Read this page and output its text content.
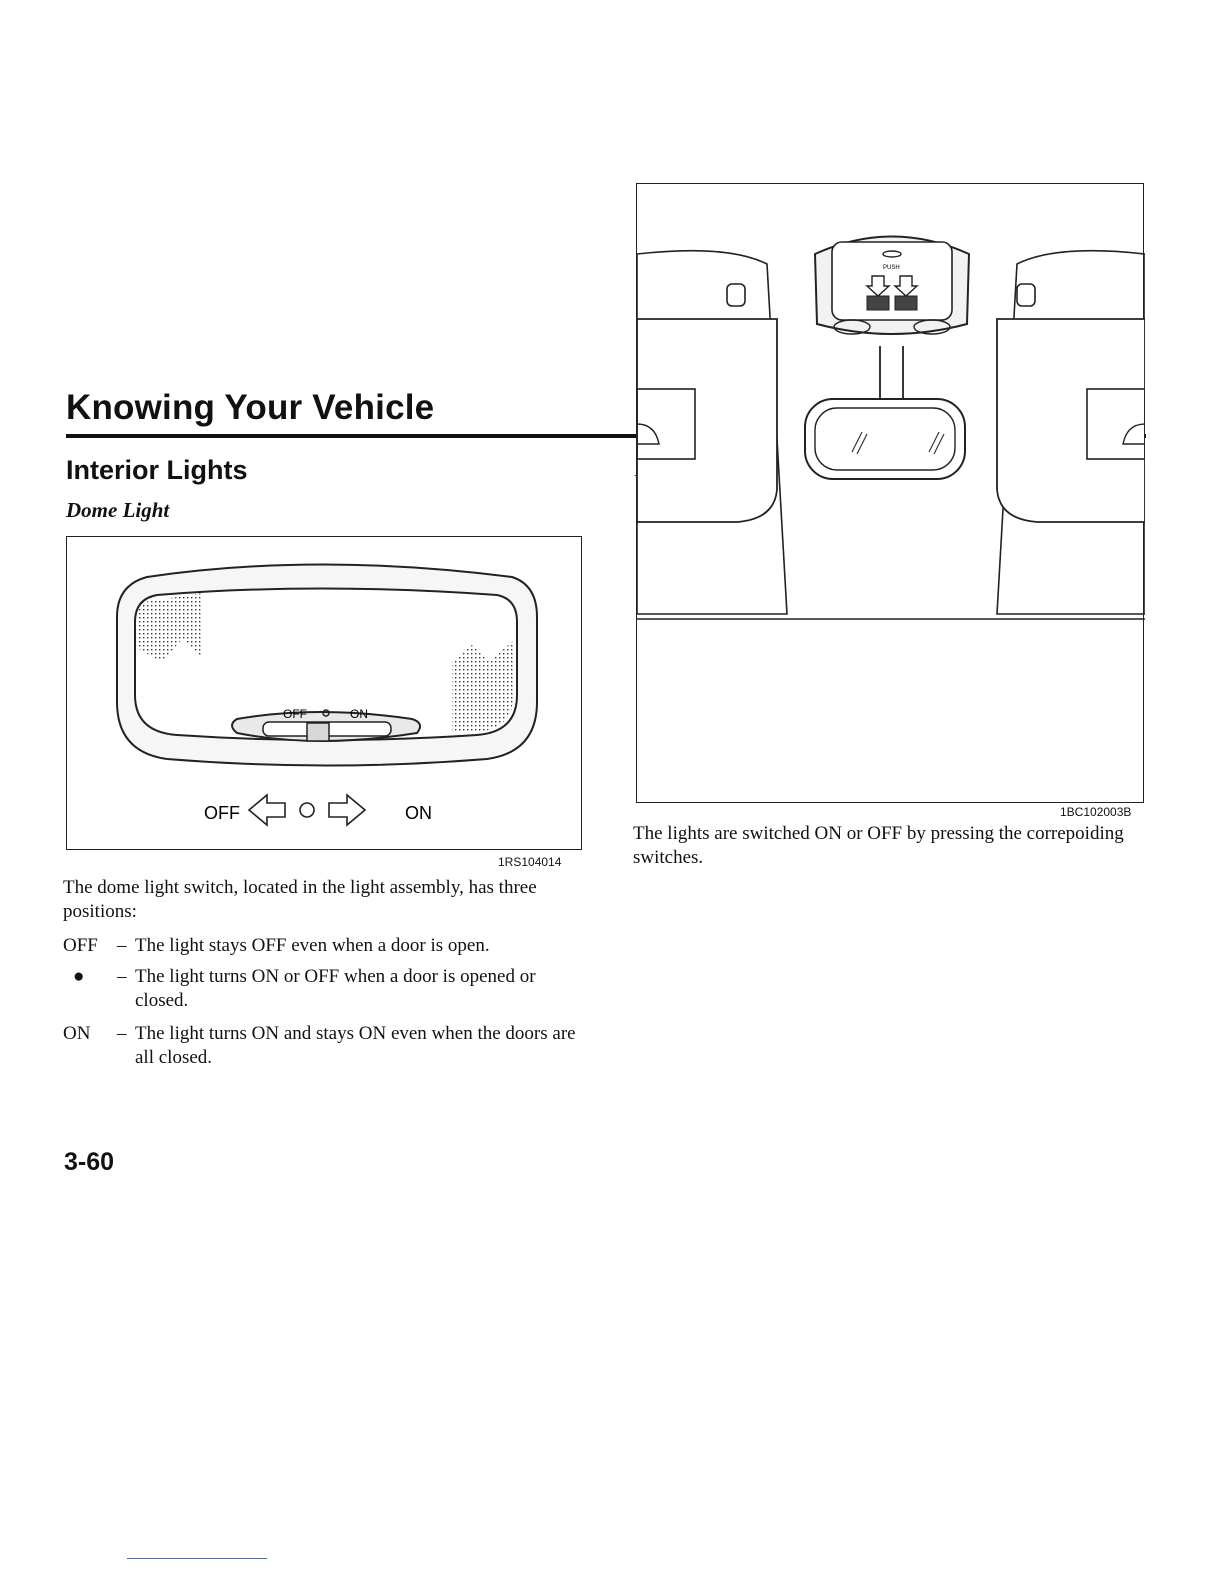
Knowing Your Vehicle
Interior Lights
Dome Light
OFF	ON
OFF	ON
1RS104014
PUSH
1BC102003B
The lights are switched ON or OFF by pressing the correpoiding switches.
The dome light switch, located in the light assembly, has three positions:
OFF – The light stays OFF even when a door is open.
● – The light turns ON or OFF when a door is opened or closed.
ON – The light turns ON and stays ON even when the doors are all closed.
3-60
